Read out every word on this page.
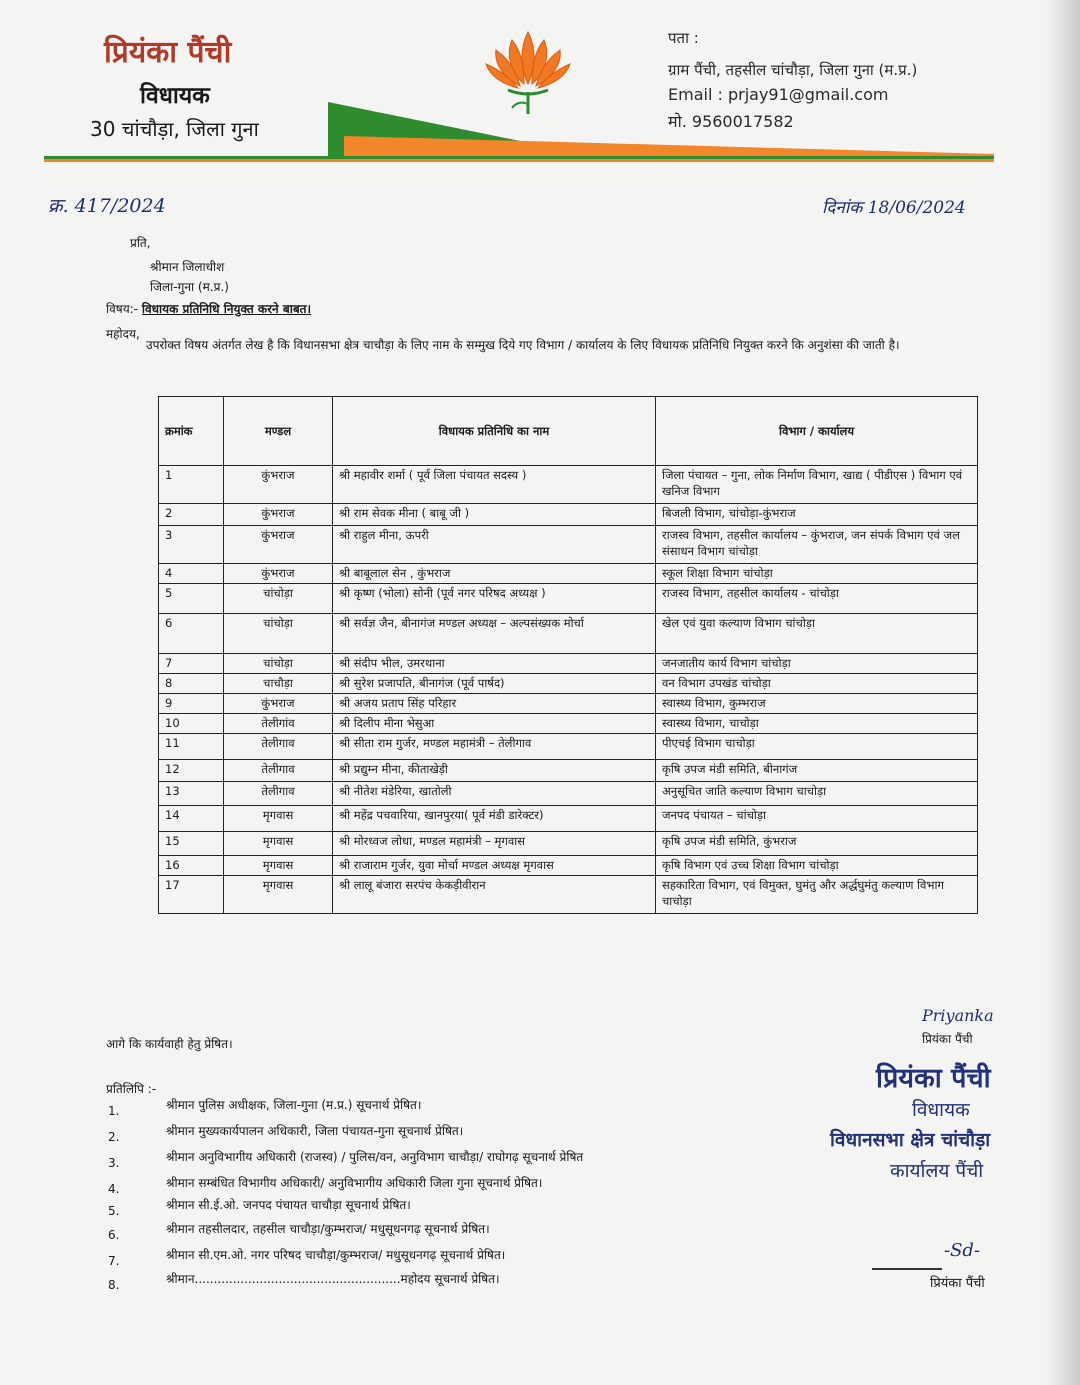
प्रियंका पैंची
विधायक
30 चांचौड़ा, जिला गुना
पता :
ग्राम पैंची, तहसील चांचौड़ा, जिला गुना (म.प्र.)
Email : prjay91@gmail.com
मो. 9560017582
क्र. 417/2024	दिनांक 18/06/2024
प्रति,
श्रीमान जिलाधीश
जिला-गुना (म.प्र.)
विषय:- विधायक प्रतिनिधि नियुक्त करने बाबत।
महोदय,
उपरोक्त विषय अंतर्गत लेख है कि विधानसभा क्षेत्र चाचौड़ा के लिए नाम के सम्मुख दिये गए विभाग / कार्यालय के लिए विधायक प्रतिनिधि नियुक्त करने कि अनुशंसा की जाती है।
क्रमांक	मण्डल	विधायक प्रतिनिधि का नाम	विभाग / कार्यालय
1	कुंभराज	श्री महावीर शर्मा ( पूर्व जिला पंचायत सदस्य )	जिला पंचायत – गुना, लोक निर्माण विभाग, खाद्य ( पीडीएस ) विभाग एवं खनिज विभाग
2	कुंभराज	श्री राम सेवक मीना ( बाबू जी )	बिजली विभाग, चांचोड़ा-कुंभराज
3	कुंभराज	श्री राहुल मीना, ऊपरी	राजस्व विभाग, तहसील कार्यालय – कुंभराज, जन संपर्क विभाग एवं जल संसाधन विभाग चांचोड़ा
4	कुंभराज	श्री बाबूलाल सेन , कुंभराज	स्कूल शिक्षा विभाग चांचोड़ा
5	चांचोड़ा	श्री कृष्ण (भोला) सोनी (पूर्व नगर परिषद अध्यक्ष )	राजस्व विभाग, तहसील कार्यालय - चांचोड़ा
6	चांचोड़ा	श्री सर्वज्ञ जैन, बीनागंज मण्डल अध्यक्ष – अल्पसंख्यक मोर्चा	खेल एवं युवा कल्याण विभाग चांचोड़ा
7	चांचोड़ा	श्री संदीप भील, उमरथाना	जनजातीय कार्य विभाग चांचोड़ा
8	चाचौड़ा	श्री सुरेश प्रजापति, बीनागंज (पूर्व पार्षद)	वन विभाग उपखंड चांचोड़ा
9	कुंभराज	श्री अजय प्रताप सिंह परिहार	स्वास्थ्य विभाग, कुम्भराज
10	तेलीगांव	श्री दिलीप मीना भेसुआ	स्वास्थ्य विभाग, चाचोड़ा
11	तेलीगाव	श्री सीता राम गुर्जर, मण्डल महामंत्री – तेलीगाव	पीएचई विभाग चाचोड़ा
12	तेलीगाव	श्री प्रद्युम्न मीना, कीताखेड़ी	कृषि उपज मंडी समिति, बीनागंज
13	तेलीगाव	श्री नीतेश मंडेरिया, खातोली	अनुसूचित जाति कल्याण विभाग चाचोड़ा
14	मृगवास	श्री महेंद्र पचवारिया, खानपुरया( पूर्व मंडी डारेक्टर)	जनपद पंचायत – चांचोड़ा
15	मृगवास	श्री मोरध्वज लोधा, मण्डल महामंत्री – मृगवास	कृषि उपज मंडी समिति, कुंभराज
16	मृगवास	श्री राजाराम गुर्जर, युवा मोर्चा मण्डल अध्यक्ष मृगवास	कृषि विभाग एवं उच्च शिक्षा विभाग चांचोड़ा
17	मृगवास	श्री लालू बंजारा सरपंच केकड़ीवीरान	सहकारिता विभाग, एवं विमुक्त, घुमंतु और अर्द्धघुमंतु कल्याण विभाग चाचोड़ा
आगे कि कार्यवाही हेतु प्रेषित।
प्रतिलिपि :-
1.	श्रीमान पुलिस अधीक्षक, जिला-गुना (म.प्र.) सूचनार्थ प्रेषित।
2.	श्रीमान मुख्यकार्यपालन अधिकारी, जिला पंचायत-गुना सूचनार्थ प्रेषित।
3.	श्रीमान अनुविभागीय अधिकारी (राजस्व) / पुलिस/वन, अनुविभाग चाचौड़ा/ राघोगढ़ सूचनार्थ प्रेषित
4.	श्रीमान सम्बंधित विभागीय अधिकारी/ अनुविभागीय अधिकारी जिला गुना सूचनार्थ प्रेषित।
5.	श्रीमान सी.ई.ओ. जनपद पंचायत चाचौड़ा सूचनार्थ प्रेषित।
6.	श्रीमान तहसीलदार, तहसील चाचौड़ा/कुम्भराज/ मधुसूधनगढ़ सूचनार्थ प्रेषित।
7.	श्रीमान सी.एम.ओ. नगर परिषद चाचौड़ा/कुम्भराज/ मधुसूधनगढ़ सूचनार्थ प्रेषित।
8.	श्रीमान......................................................महोदय सूचनार्थ प्रेषित।
Priyanka
प्रियंका पैंची
प्रियंका पैंची
विधायक
विधानसभा क्षेत्र चांचौड़ा
कार्यालय पैंची
-Sd-
प्रियंका पैंची
